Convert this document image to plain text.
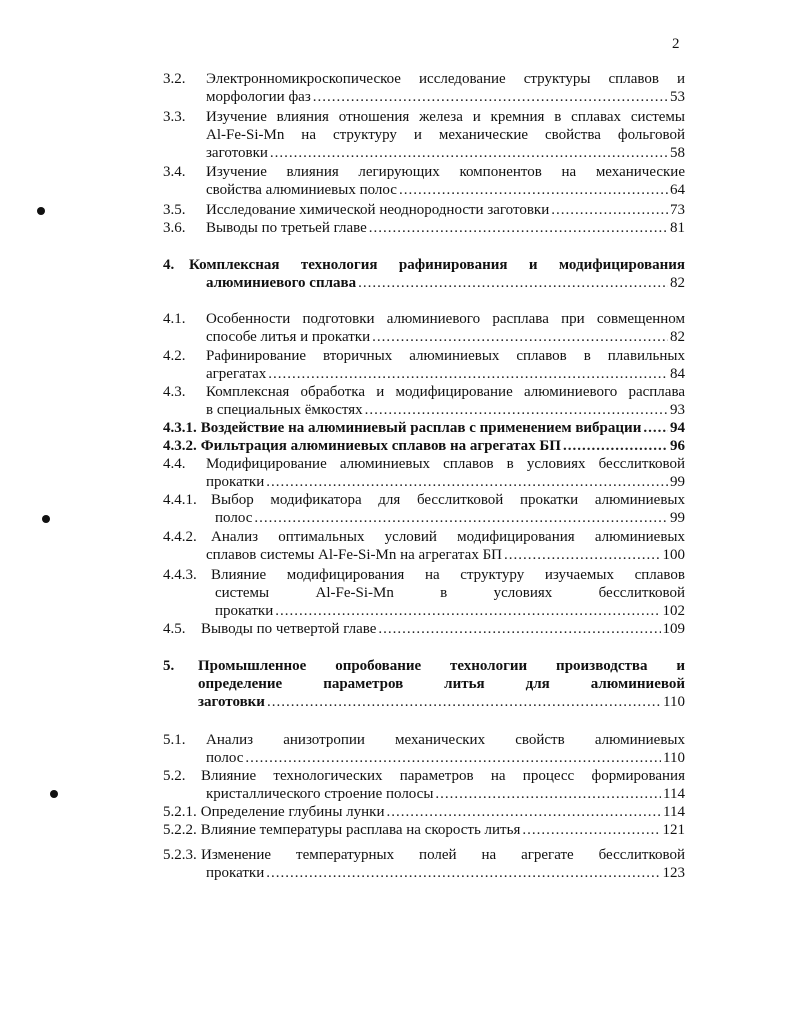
2
3.2.	Электронномикроскопическое исследование структуры сплавов и
морфологии фаз .....	53
3.3.	Изучение влияния отношения железа и кремния в сплавах системы
Al-Fe-Si-Mn на структуру и механические свойства фольговой
заготовки .....	58
3.4.	Изучение влияния легирующих компонентов на механические
свойства алюминиевых полос .....	64
3.5.	Исследование химической неоднородности заготовки .....	73
3.6.	Выводы по третьей главе .....	81
4. Комплексная технология рафинирования и модифицирования
алюминиевого сплава .....	82
4.1.	Особенности подготовки алюминиевого расплава при совмещенном
способе литья и прокатки .....	82
4.2.	Рафинирование вторичных алюминиевых сплавов в плавильных
агрегатах .....	84
4.3.	Комплексная обработка и модифицирование алюминиевого расплава
в специальных ёмкостях .....	93
4.3.1. Воздействие на алюминиевый расплав с применением вибрации ..... 94
4.3.2. Фильтрация алюминиевых сплавов на агрегатах БП .....	96
4.4.	Модифицирование алюминиевых сплавов в условиях бесслитковой
прокатки .....	99
4.4.1. Выбор модификатора для бесслитковой прокатки алюминиевых
полос .....	99
4.4.2. Анализ оптимальных условий модифицирования алюминиевых
сплавов системы Al-Fe-Si-Mn на агрегатах БП .....	100
4.4.3. Влияние модифицирования на структуру изучаемых сплавов
системы Al-Fe-Si-Mn в условиях бесслитковой
прокатки .....	102
4.5.	Выводы по четвертой главе .....	109
5.	Промышленное опробование технологии производства и
определение параметров литья для алюминиевой
заготовки .....	110
5.1.	Анализ анизотропии механических свойств алюминиевых
полос .....	110
5.2.	Влияние технологических параметров на процесс формирования
кристаллического строение полосы .....	114
5.2.1. Определение глубины лунки .....	114
5.2.2. Влияние температуры расплава на скорость литья .....	121
5.2.3. Изменение температурных полей на агрегате бесслитковой
прокатки .....	123
